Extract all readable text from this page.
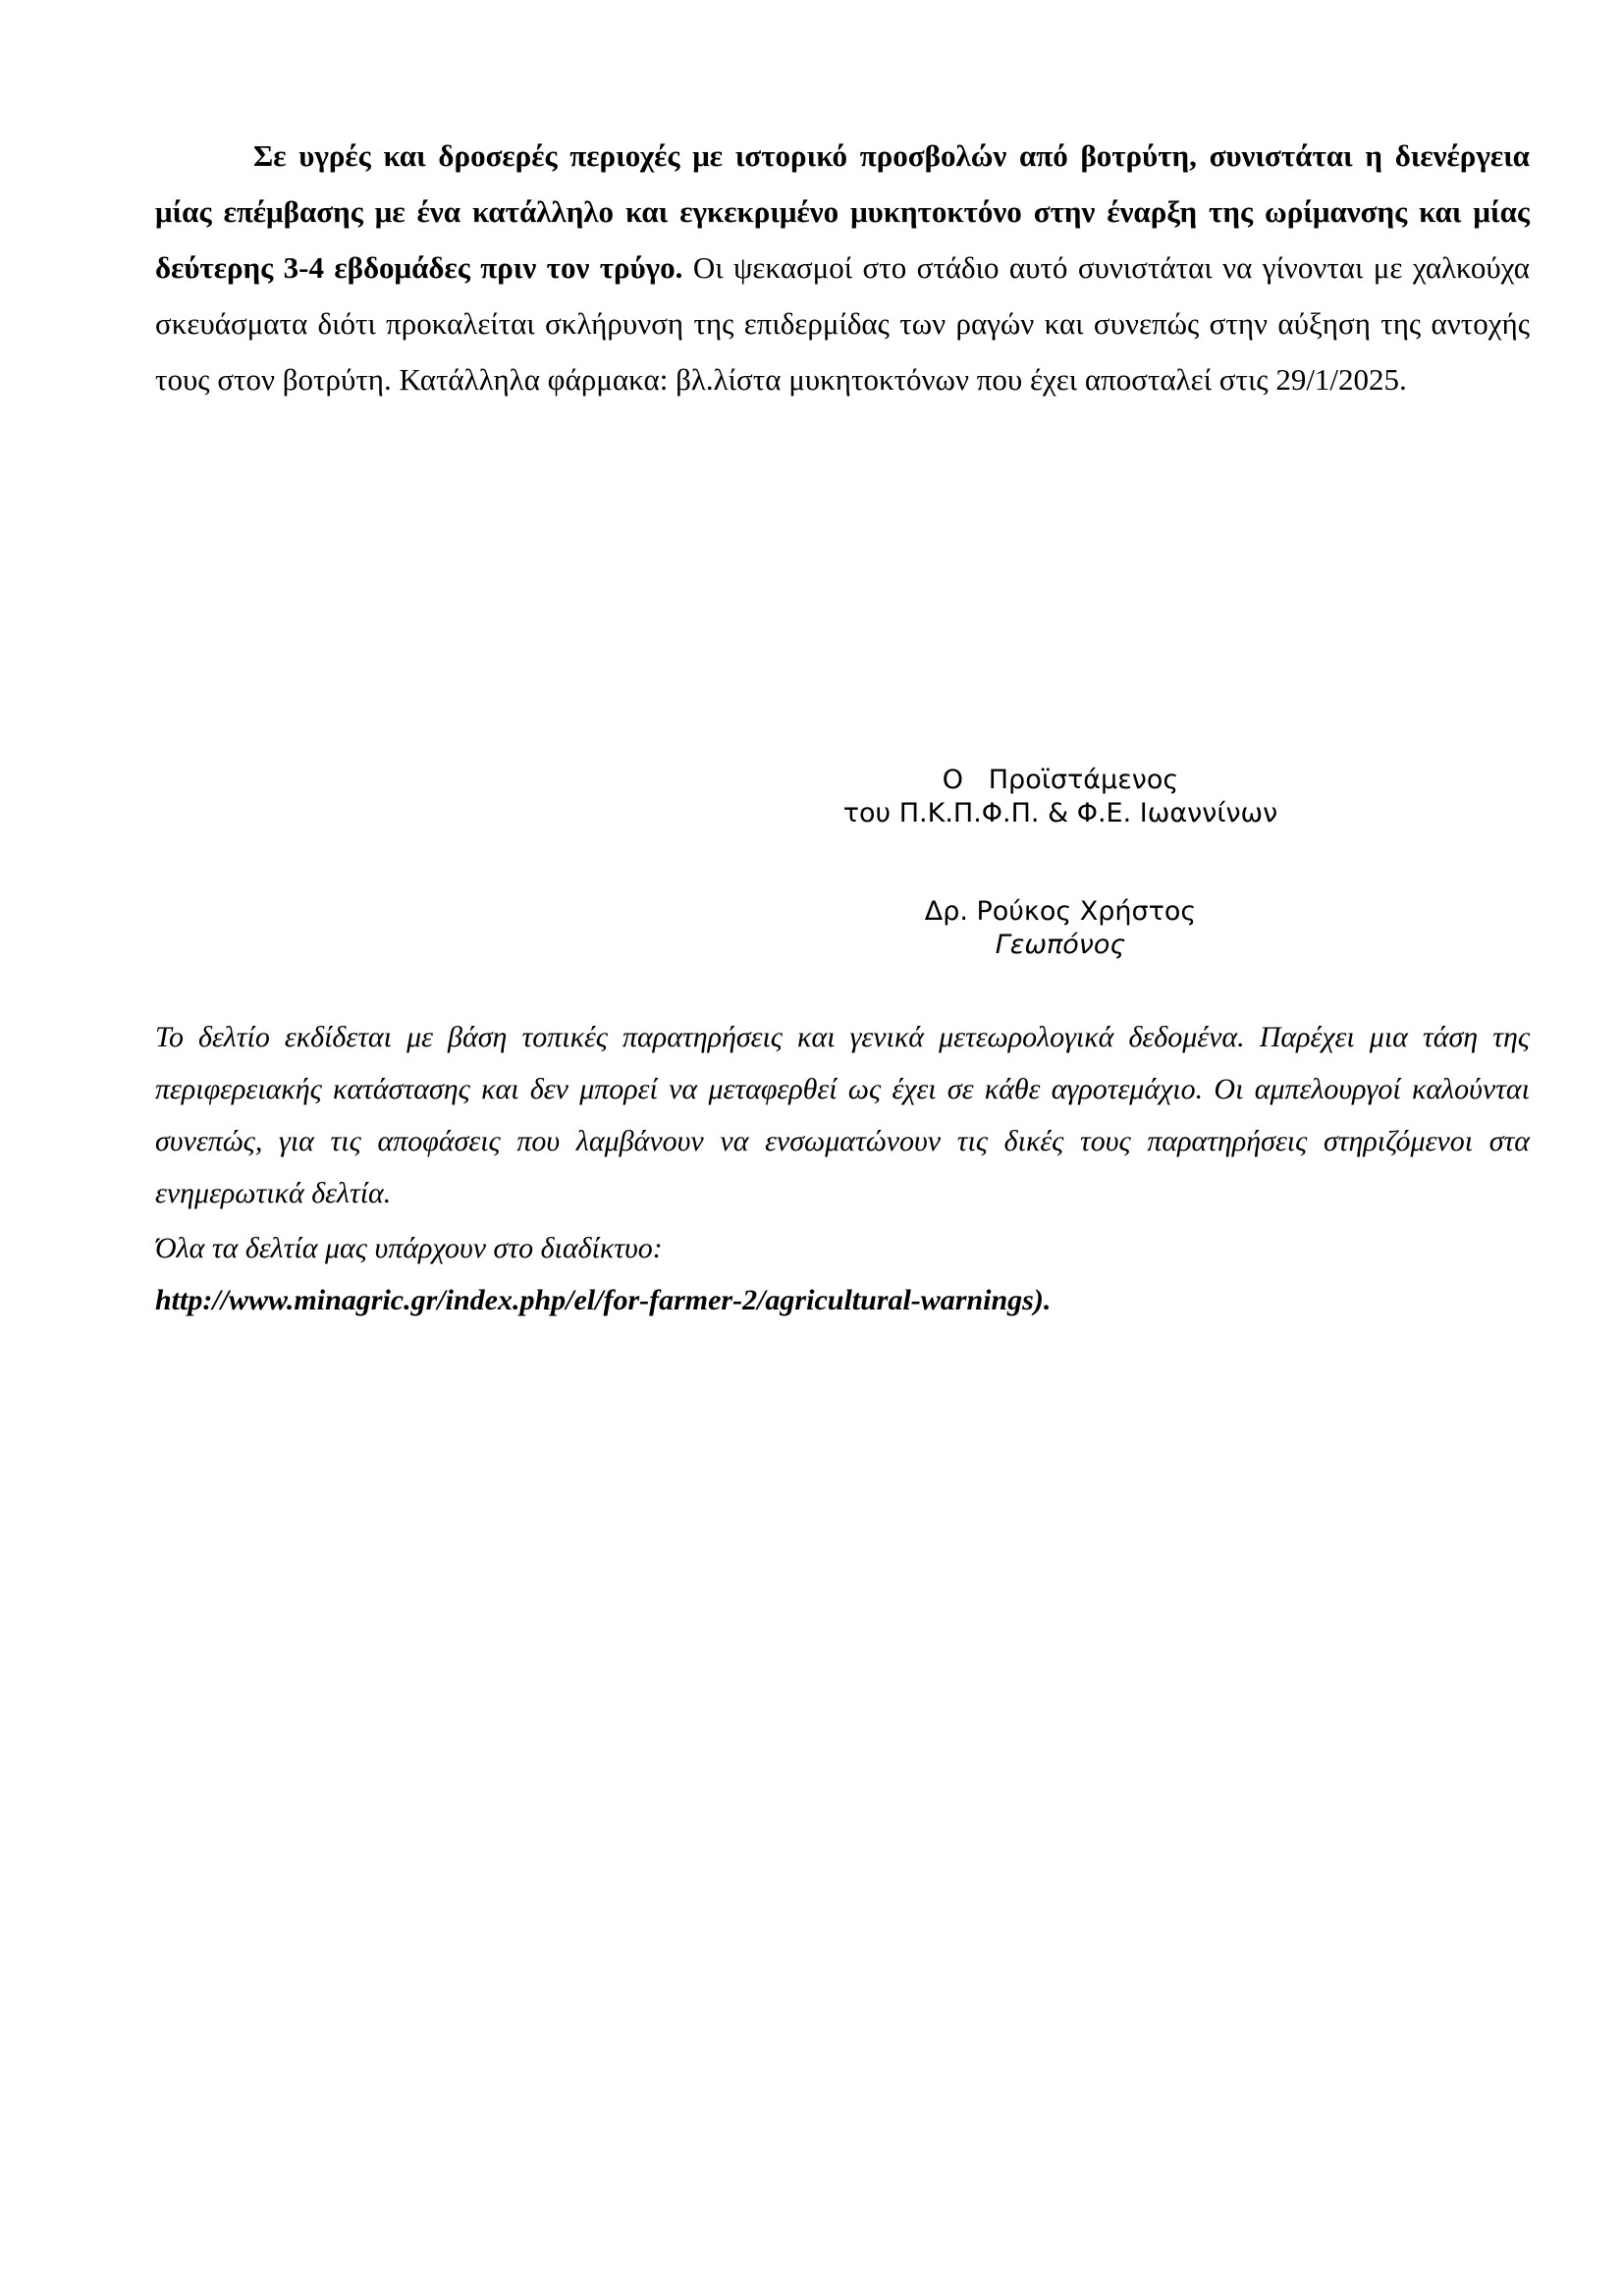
Σε υγρές και δροσερές περιοχές με ιστορικό προσβολών από βοτρύτη, συνιστάται η διενέργεια μίας επέμβασης με ένα κατάλληλο και εγκεκριμένο μυκητοκτόνο στην έναρξη της ωρίμανσης και μίας δεύτερης 3-4 εβδομάδες πριν τον τρύγο. Οι ψεκασμοί στο στάδιο αυτό συνιστάται να γίνονται με χαλκούχα σκευάσματα διότι προκαλείται σκλήρυνση της επιδερμίδας των ραγών και συνεπώς στην αύξηση της αντοχής τους στον βοτρύτη. Κατάλληλα φάρμακα: βλ.λίστα μυκητοκτόνων που έχει αποσταλεί στις 29/1/2025.

Ο   Προϊστάμενος
του Π.Κ.Π.Φ.Π. & Φ.Ε. Ιωαννίνων
Δρ. Ρούκος Χρήστος
Γεωπόνος

Το δελτίο εκδίδεται με βάση τοπικές παρατηρήσεις και γενικά μετεωρολογικά δεδομένα. Παρέχει μια τάση της περιφερειακής κατάστασης και δεν μπορεί να μεταφερθεί ως έχει σε κάθε αγροτεμάχιο. Οι αμπελουργοί καλούνται συνεπώς, για τις αποφάσεις που λαμβάνουν να ενσωματώνουν τις δικές τους παρατηρήσεις στηριζόμενοι στα ενημερωτικά δελτία.

Όλα τα δελτία μας υπάρχουν στο διαδίκτυο:

http://www.minagric.gr/index.php/el/for-farmer-2/agricultural-warnings).
